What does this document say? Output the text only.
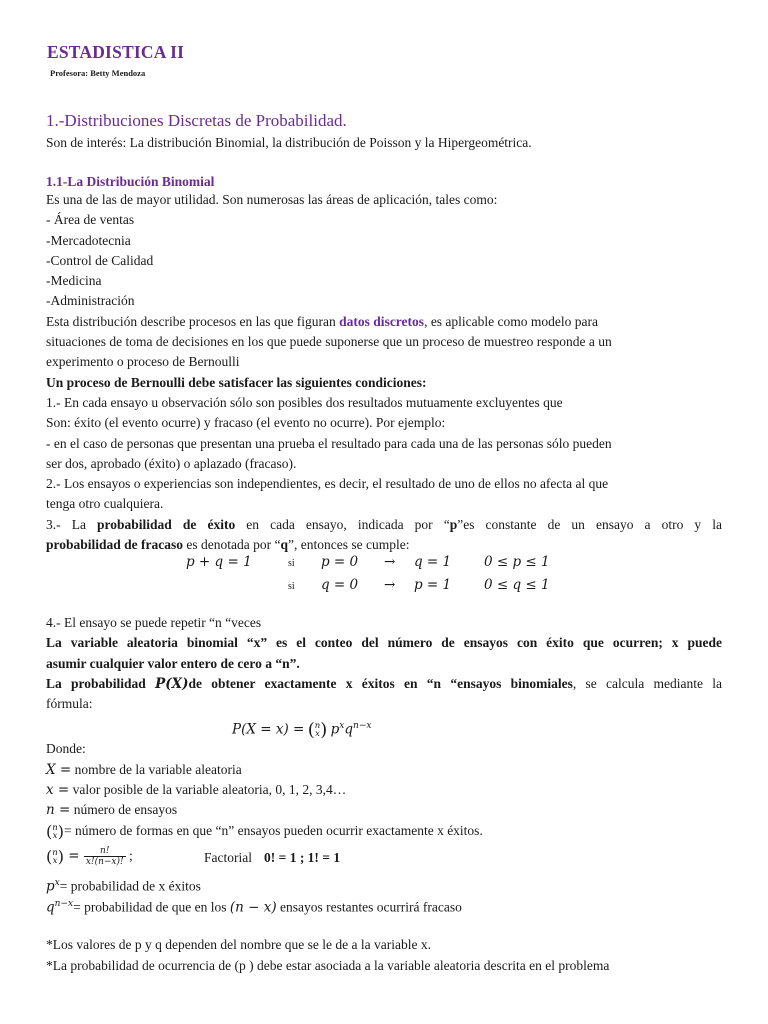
ESTADISTICA II
Profesora: Betty Mendoza
1.-Distribuciones Discretas de Probabilidad.
Son de interés: La distribución Binomial, la distribución de Poisson y la Hipergeométrica.
1.1-La Distribución Binomial
Es una de las de mayor utilidad. Son numerosas las áreas de aplicación, tales como:
- Área de ventas
-Mercadotecnia
-Control de Calidad
-Medicina
-Administración
Esta distribución describe procesos en las que figuran datos discretos, es aplicable como modelo para
situaciones de toma de decisiones en los que puede suponerse que un proceso de muestreo responde a un
experimento o proceso de Bernoulli
Un proceso de Bernoulli debe satisfacer las siguientes condiciones:
1.- En cada ensayo u observación sólo son posibles dos resultados mutuamente excluyentes que
Son: éxito (el evento ocurre) y fracaso (el evento no ocurre). Por ejemplo:
- en el caso de personas que presentan una prueba el resultado para cada una de las personas sólo pueden
ser dos, aprobado (éxito) o aplazado (fracaso).
2.- Los ensayos o experiencias son independientes, es decir, el resultado de uno de ellos no afecta al que
tenga otro cualquiera.
3.- La probabilidad de éxito en cada ensayo, indicada por “p”es constante de un ensayo a otro y la
probabilidad de fracaso es denotada por “q”, entonces se cumple:
p + q = 1	si p = 0 → q = 1 0 ≤ p ≤ 1
si q = 0 → p = 1 0 ≤ q ≤ 1
4.- El ensayo se puede repetir “n “veces
La variable aleatoria binomial “x” es el conteo del número de ensayos con éxito que ocurren; x puede
asumir cualquier valor entero de cero a “n”.
La probabilidad P(X)de obtener exactamente x éxitos en “n “ensayos binomiales, se calcula mediante la
fórmula:
P(X = x) = ( n
x ) $p^xq^{n-x}$
Donde:
X = nombre de la variable aleatoria
x = valor posible de la variable aleatoria, 0, 1, 2, 3,4…
n = número de ensayos
( n
x )= número de formas en que “n” ensayos pueden ocurrir exactamente x éxitos.
( n
x ) = $\frac{n!}{x!(n-x)!}$ ;	Factorial 0! = 1 ; 1! = 1
$p^x=$ probabilidad de x éxitos
$q^{n-x}=$ probabilidad de que en los (n − x) ensayos restantes ocurrirá fracaso
*Los valores de p y q dependen del nombre que se le de a la variable x.
*La probabilidad de ocurrencia de (p ) debe estar asociada a la variable aleatoria descrita en el problema
